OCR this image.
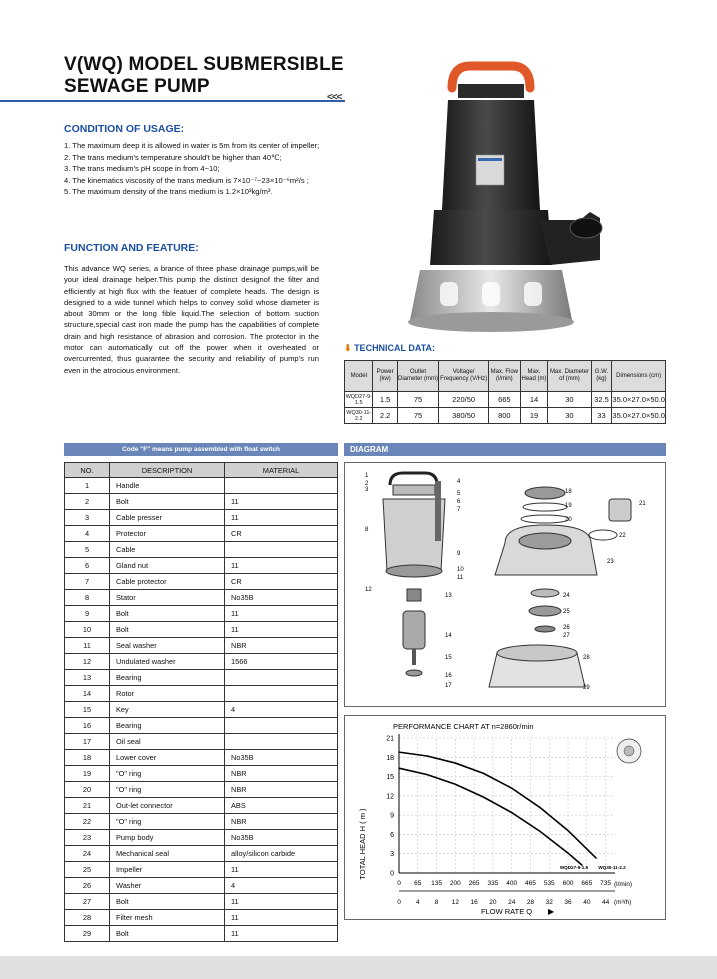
V(WQ) MODEL SUBMERSIBLE
SEWAGE PUMP
<<<
CONDITION OF USAGE:
1. The maximum deep it is allowed in water is 5m from its center of impeller;
2. The trans medium's temperature should't be higher than 40℃;
3. The trans medium's pH scope in from 4~10;
4. The kinematics viscosity of the trans medium is 7×10⁻⁷~23×10⁻⁶m²/s ;
5. The maximum density of the trans medium is 1.2×10³kg/m³.
FUNCTION AND FEATURE:
This advance WQ series, a brance of three phase drainage pumps,will be your ideal drainage helper.This pump the distinct designof the filter and efficiently at high flux with the featuer of complete heads. The design is designed to a wide tunnel which helps to convey solid whose diameter is about 30mm or the long fible liquid.The selection of bottom suction structure,special cast iron made the pump has the capabilities of complete drain and high resistance of abrasion and corrosion. The protector in the motor can automatically cut off the power when it overheated or overcurrented, thus guarantee the security and reliability of pump's run even in the atrocious environment.
⬇ TECHNICAL DATA:
Model	Power (kw)	Outlet Diameter (mm)	Voltage/ Frequency (V/Hz)	Max. Flow (l/min)	Max. Head (m)	Max. Diameter of (mm)	G.W. (kg)	Dimensions (cm)
WQD27-9-1.5	1.5	75	220/50	665	14	30	32.5	35.0×27.0×50.0
WQ30-11-2.2	2.2	75	380/50	800	19	30	33	35.0×27.0×50.0
Code "F" means pump assembled with float switch	DIAGRAM
NO.	DESCRIPTION	MATERIAL
1	Handle	
2	Bolt	11
3	Cable presser	11
4	Protector	CR
5	Cable	
6	Gland nut	11
7	Cable protector	CR
8	Stator	No35B
9	Bolt	11
10	Bolt	11
11	Seal washer	NBR
12	Undulated washer	1566
13	Bearing	
14	Rotor	
15	Key	4
16	Bearing	
17	Oil seal	
18	Lower cover	No35B
19	"O" ring	NBR
20	"O" ring	NBR
21	Out-let connector	ABS
22	"O" ring	NBR
23	Pump body	No35B
24	Mechanical seal	alloy/silicon carbide
25	Impeller	11
26	Washer	4
27	Bolt	11
28	Filter mesh	11
29	Bolt	11
1
2
3
4
5
6
7
8
9
10
11
12
13
14
15
16
17
18
19
20
21
22
23
24
25
26
27
28
29
PERFORMANCE CHART AT n=2860r/min
TOTAL HEAD H ( m )
(l/min)
(m³/h)
FLOW RATE Q ▶
0
3
6
9
12
15
18
21
0
0
4
65
8
135
12
200
16
265
20
335
24
400
28
465
32
535
36
600
40
665
44
735
WQD27-9-1.5 WQ30-11-2.2
